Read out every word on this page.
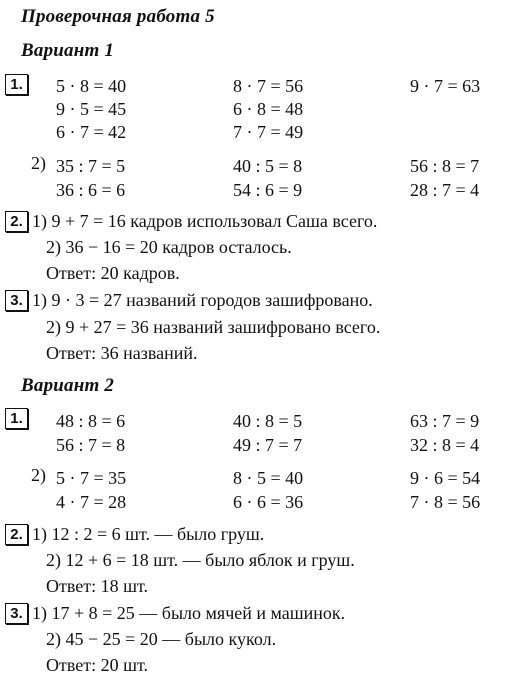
Проверочная работа 5
Вариант 1
1. 5 · 8 = 40	8 · 7 = 56	9 · 7 = 63
9 · 5 = 45	6 · 8 = 48
6 · 7 = 42	7 · 7 = 49
2) 35 : 7 = 5	40 : 5 = 8	56 : 8 = 7
36 : 6 = 6	54 : 6 = 9	28 : 7 = 4
2. 1) 9 + 7 = 16 кадров использовал Саша всего.
2) 36 − 16 = 20 кадров осталось.
Ответ: 20 кадров.
3. 1) 9 · 3 = 27 названий городов зашифровано.
2) 9 + 27 = 36 названий зашифровано всего.
Ответ: 36 названий.
Вариант 2
1. 48 : 8 = 6	40 : 8 = 5	63 : 7 = 9
56 : 7 = 8	49 : 7 = 7	32 : 8 = 4
2) 5 · 7 = 35	8 · 5 = 40	9 · 6 = 54
4 · 7 = 28	6 · 6 = 36	7 · 8 = 56
2. 1) 12 : 2 = 6 шт. — было груш.
2) 12 + 6 = 18 шт. — было яблок и груш.
Ответ: 18 шт.
3. 1) 17 + 8 = 25 — было мячей и машинок.
2) 45 − 25 = 20 — было кукол.
Ответ: 20 шт.
